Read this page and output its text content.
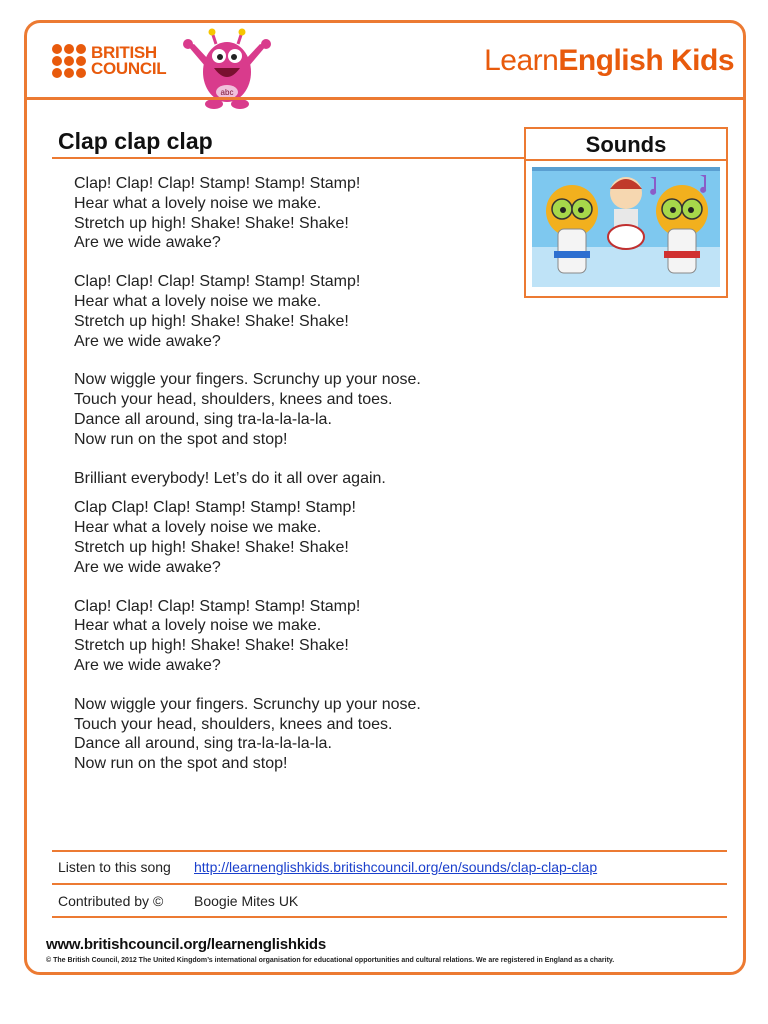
BRITISH
COUNCIL
abc
LearnEnglish Kids
Clap clap clap	Sounds
Clap! Clap! Clap! Stamp! Stamp! Stamp!
Hear what a lovely noise we make.
Stretch up high! Shake! Shake! Shake!
Are we wide awake?
Clap! Clap! Clap! Stamp! Stamp! Stamp!
Hear what a lovely noise we make.
Stretch up high! Shake! Shake! Shake!
Are we wide awake?
Now wiggle your fingers. Scrunchy up your nose.
Touch your head, shoulders, knees and toes.
Dance all around, sing tra-la-la-la-la.
Now run on the spot and stop!
Brilliant everybody! Let’s do it all over again.
Clap Clap! Clap! Stamp! Stamp! Stamp!
Hear what a lovely noise we make.
Stretch up high! Shake! Shake! Shake!
Are we wide awake?
Clap! Clap! Clap! Stamp! Stamp! Stamp!
Hear what a lovely noise we make.
Stretch up high! Shake! Shake! Shake!
Are we wide awake?
Now wiggle your fingers. Scrunchy up your nose.
Touch your head, shoulders, knees and toes.
Dance all around, sing tra-la-la-la-la.
Now run on the spot and stop!
Listen to this song http://learnenglishkids.britishcouncil.org/en/sounds/clap-clap-clap
Contributed by © Boogie Mites UK
www.britishcouncil.org/learnenglishkids
© The British Council, 2012 The United Kingdom’s international organisation for educational opportunities and cultural relations. We are registered in England as a charity.
